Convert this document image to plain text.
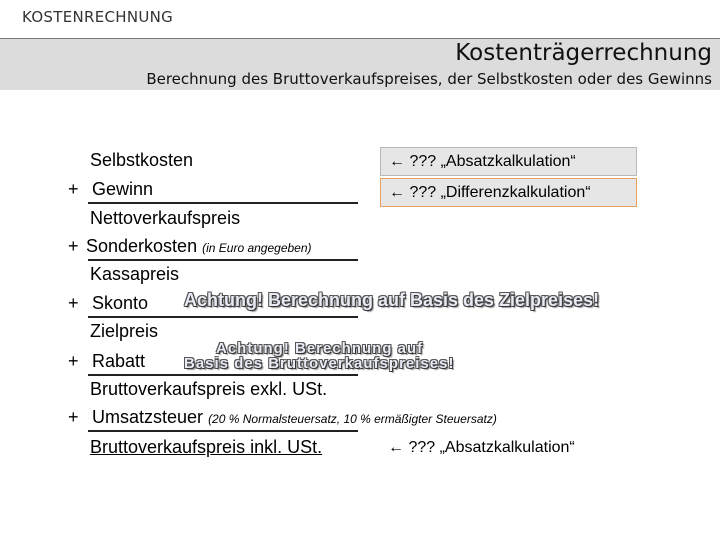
KOSTENRECHNUNG
Kostenträgerrechnung
Berechnung des Bruttoverkaufspreises, der Selbstkosten oder des Gewinns
Selbstkosten
+ Gewinn
Nettoverkaufspreis
+ Sonderkosten (in Euro angegeben)
Kassapreis
+ Skonto
Zielpreis
+ Rabatt
Bruttoverkaufspreis exkl. USt.
+ Umsatzsteuer (20 % Normalsteuersatz, 10 % ermäßigter Steuersatz)
Bruttoverkaufspreis inkl. USt.
← ??? „Absatzkalkulation“
← ??? „Differenzkalkulation“
← ??? „Absatzkalkulation“
Achtung! Berechnung auf Basis des Zielpreises!
Achtung! Berechnung auf
Basis des Bruttoverkaufspreises!
